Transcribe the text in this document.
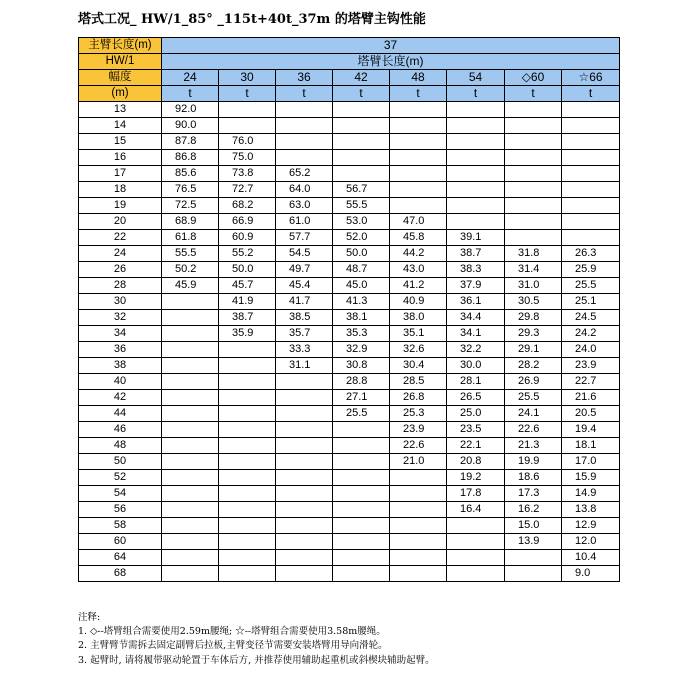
塔式工况_ HW/1_85° _115t+40t_37m 的塔臂主钩性能
主臂长度(m)	37							
HW/1	塔臂长度(m)							
幅度	24	30	36	42	48	54	◇60	☆66
(m)	t	t	t	t	t	t	t	t
13	92.0							
14	90.0							
15	87.8	76.0						
16	86.8	75.0						
17	85.6	73.8	65.2					
18	76.5	72.7	64.0	56.7				
19	72.5	68.2	63.0	55.5				
20	68.9	66.9	61.0	53.0	47.0			
22	61.8	60.9	57.7	52.0	45.8	39.1		
24	55.5	55.2	54.5	50.0	44.2	38.7	31.8	26.3
26	50.2	50.0	49.7	48.7	43.0	38.3	31.4	25.9
28	45.9	45.7	45.4	45.0	41.2	37.9	31.0	25.5
30		41.9	41.7	41.3	40.9	36.1	30.5	25.1
32		38.7	38.5	38.1	38.0	34.4	29.8	24.5
34		35.9	35.7	35.3	35.1	34.1	29.3	24.2
36			33.3	32.9	32.6	32.2	29.1	24.0
38			31.1	30.8	30.4	30.0	28.2	23.9
40				28.8	28.5	28.1	26.9	22.7
42				27.1	26.8	26.5	25.5	21.6
44				25.5	25.3	25.0	24.1	20.5
46					23.9	23.5	22.6	19.4
48					22.6	22.1	21.3	18.1
50					21.0	20.8	19.9	17.0
52						19.2	18.6	15.9
54						17.8	17.3	14.9
56						16.4	16.2	13.8
58							15.0	12.9
60							13.9	12.0
64								10.4
68								9.0
注释:
1. ◇--塔臂组合需要使用2.59m腰绳; ☆--塔臂组合需要使用3.58m腰绳。
2. 主臂臂节需拆去固定副臂后拉板,主臂变径节需要安装塔臂用导向滑轮。
3. 起臂时, 请将履带驱动轮置于车体后方, 并推荐使用辅助起重机或斜楔块辅助起臂。
